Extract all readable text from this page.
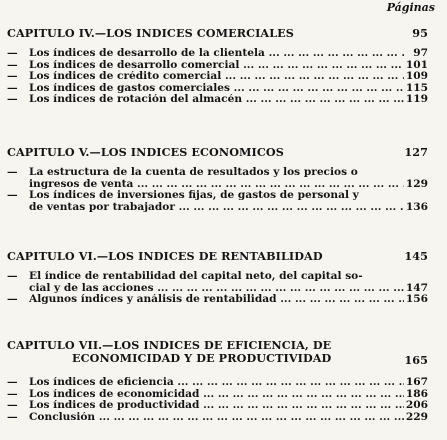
Páginas
CAPITULO IV.—LOS INDICES COMERCIALES	95
— Los índices de desarrollo de la clientela ... .	97
— Los índices de desarrollo comercial ... .	101
— Los índices de crédito comercial ... .	109
— Los índices de gastos comerciales ... .	115
— Los índices de rotación del almacén ... .	119
CAPITULO V.—LOS INDICES ECONOMICOS	127
— La estructura de la cuenta de resultados y los precios o
ingresos de venta ... .	129
— Los índices de inversiones fijas, de gastos de personal y
de ventas por trabajador ... .	136
CAPITULO VI.—LOS INDICES DE RENTABILIDAD	145
— El índice de rentabilidad del capital neto, del capital so-
cial y de las acciones ... .	147
— Algunos índices y análisis de rentabilidad ... .	156
CAPITULO VII.—LOS INDICES DE EFICIENCIA, DE
ECONOMICIDAD Y DE PRODUCTIVIDAD	165
— Los índices de eficiencia ... .	167
— Los índices de economicidad ... .	186
— Los índices de productividad ... .	206
— Conclusión ... .	229
